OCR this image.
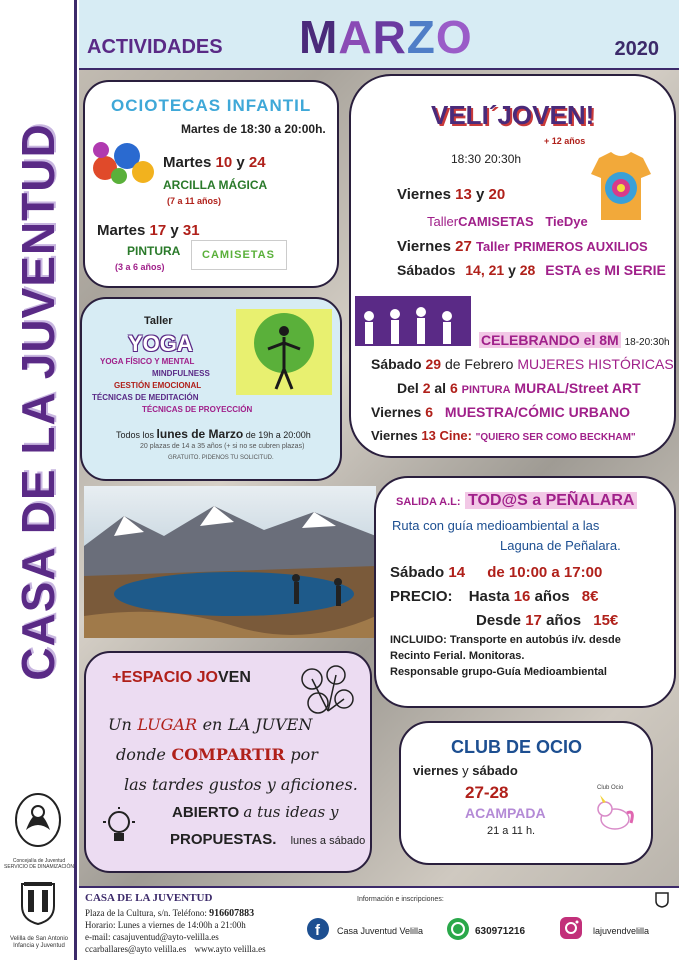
CASA DE LA JUVENTUD
Concejalía de Juventud
SERVICIO DE DINAMIZACIÓN
Velilla de San Antonio
Infancia y Juventud
ACTIVIDADES MARZO	2020
OCIOTECAS INFANTIL
Martes de 18:30 a 20:00h.
Martes 10 y 24
ARCILLA MÁGICA
(7 a 11 años)
Martes 17 y 31
PINTURA
(3 a 6 años)
CAMISETAS
VELI´JOVEN!
+ 12 años
18:30 20:30h
Viernes 13 y 20
TallerCAMISETAS TieDye
Viernes 27 Taller PRIMEROS AUXILIOS
Sábados 14, 21 y 28 ESTA es MI SERIE
CELEBRANDO el 8M 18-20:30h
Sábado 29 de Febrero MUJERES HISTÓRICAS
Del 2 al 6 PINTURA MURAL/Street ART
Viernes 6 MUESTRA/CÓMIC URBANO
Viernes 13 Cine: "QUIERO SER COMO BECKHAM"
Taller
YOGA
YOGA FÍSICO Y MENTAL
MINDFULNESS
GESTIÓN EMOCIONAL
TÉCNICAS DE MEDITACIÓN
TÉCNICAS DE PROYECCIÓN
Todos los lunes de Marzo de 19h a 20:00h
20 plazas de 14 a 35 años (+ si no se cubren plazas)
GRATUITO. PIDENOS TU SOLICITUD.
SALIDA A.L: TOD@S a PEÑALARA
Ruta con guía medioambiental a las
Laguna de Peñalara.
Sábado 14 de 10:00 a 17:00
PRECIO: Hasta 16 años 8€
Desde 17 años 15€
INCLUIDO: Transporte en autobús i/v. desde
Recinto Ferial. Monitoras.
Responsable grupo-Guía Medioambiental
+ESPACIO JOVEN
Un LUGAR en LA JUVEN
donde COMPARTIR por
las tardes gustos y aficiones.
ABIERTO a tus ideas y
PROPUESTAS. lunes a sábado
CLUB DE OCIO
viernes y sábado
27-28
ACAMPADA
21 a 11 h.
Club Ocio
CASA DE LA JUVENTUD
Plaza de la Cultura, s/n. Teléfono: 916607883
Horario: Lunes a viernes de 14:00h a 21:00h
e-mail: casajuventud@ayto-velilla.es
ccarballares@ayto velilla.es www.ayto velilla.es
Información e inscripciones:
f Casa Juventud Velilla	630971216	lajuvendvelilla
